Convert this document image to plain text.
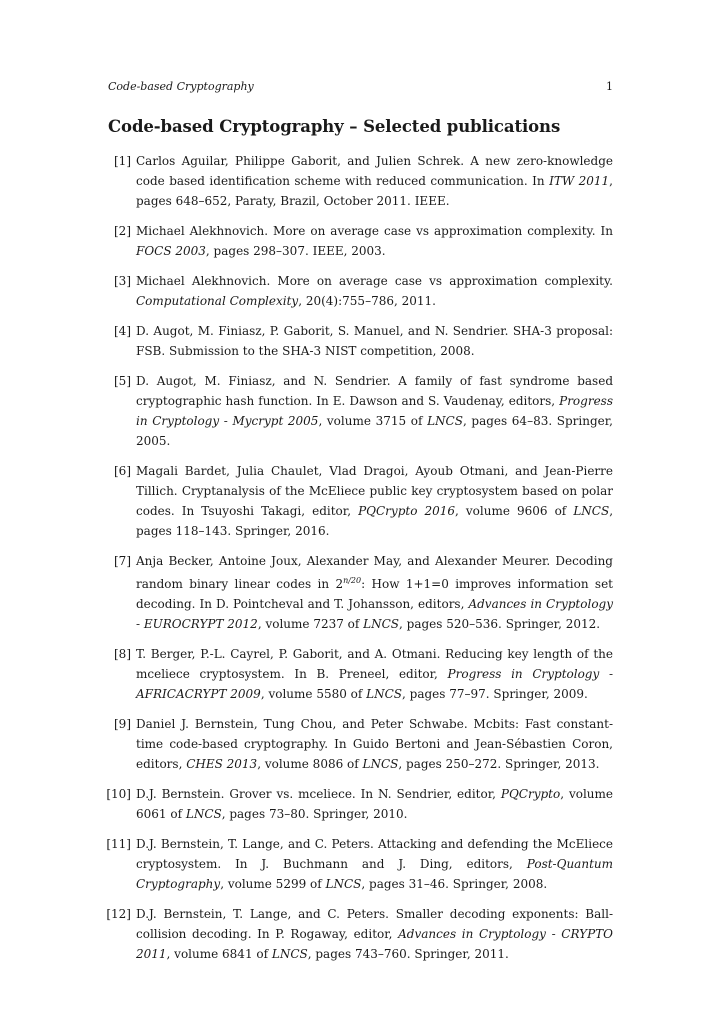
Code-based Cryptography	1
Code-based Cryptography – Selected publications
[1] Carlos Aguilar, Philippe Gaborit, and Julien Schrek. A new zero-knowledge code based identification scheme with reduced communication. In ITW 2011, pages 648–652, Paraty, Brazil, October 2011. IEEE.
[2] Michael Alekhnovich. More on average case vs approximation complexity. In FOCS 2003, pages 298–307. IEEE, 2003.
[3] Michael Alekhnovich. More on average case vs approximation complexity. Computational Complexity, 20(4):755–786, 2011.
[4] D. Augot, M. Finiasz, P. Gaborit, S. Manuel, and N. Sendrier. SHA-3 proposal: FSB. Submission to the SHA-3 NIST competition, 2008.
[5] D. Augot, M. Finiasz, and N. Sendrier. A family of fast syndrome based cryptographic hash function. In E. Dawson and S. Vaudenay, editors, Progress in Cryptology - Mycrypt 2005, volume 3715 of LNCS, pages 64–83. Springer, 2005.
[6] Magali Bardet, Julia Chaulet, Vlad Dragoi, Ayoub Otmani, and Jean-Pierre Tillich. Cryptanalysis of the McEliece public key cryptosystem based on polar codes. In Tsuyoshi Takagi, editor, PQCrypto 2016, volume 9606 of LNCS, pages 118–143. Springer, 2016.
[7] Anja Becker, Antoine Joux, Alexander May, and Alexander Meurer. Decoding random binary linear codes in $2^{n/20}$: How 1+1=0 improves information set decoding. In D. Pointcheval and T. Johansson, editors, Advances in Cryptology - EUROCRYPT 2012, volume 7237 of LNCS, pages 520–536. Springer, 2012.
[8] T. Berger, P.-L. Cayrel, P. Gaborit, and A. Otmani. Reducing key length of the mceliece cryptosystem. In B. Preneel, editor, Progress in Cryptology - AFRICACRYPT 2009, volume 5580 of LNCS, pages 77–97. Springer, 2009.
[9] Daniel J. Bernstein, Tung Chou, and Peter Schwabe. Mcbits: Fast constant-time code-based cryptography. In Guido Bertoni and Jean-Sébastien Coron, editors, CHES 2013, volume 8086 of LNCS, pages 250–272. Springer, 2013.
[10] D.J. Bernstein. Grover vs. mceliece. In N. Sendrier, editor, PQCrypto, volume 6061 of LNCS, pages 73–80. Springer, 2010.
[11] D.J. Bernstein, T. Lange, and C. Peters. Attacking and defending the McEliece cryptosystem. In J. Buchmann and J. Ding, editors, Post-Quantum Cryptography, volume 5299 of LNCS, pages 31–46. Springer, 2008.
[12] D.J. Bernstein, T. Lange, and C. Peters. Smaller decoding exponents: Ball-collision decoding. In P. Rogaway, editor, Advances in Cryptology - CRYPTO 2011, volume 6841 of LNCS, pages 743–760. Springer, 2011.
